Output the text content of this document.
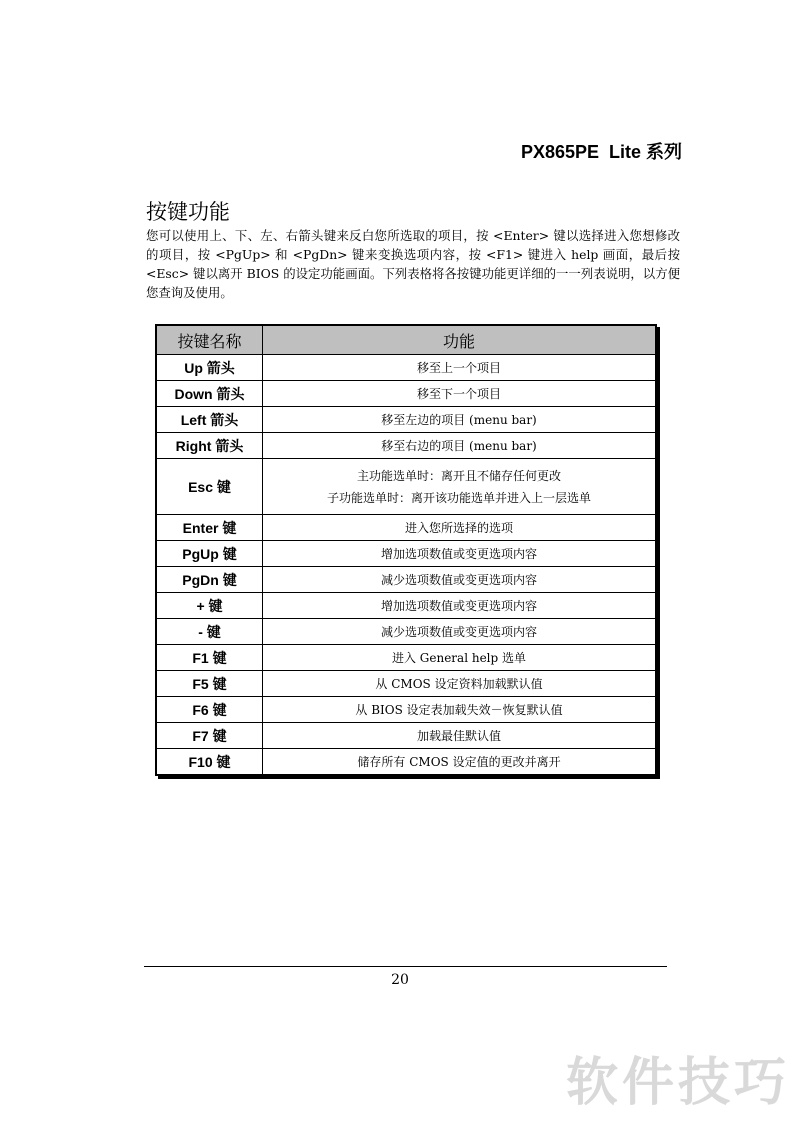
PX865PE  Lite 系列
按键功能

您可以使用上、下、左、右箭头键来反白您所选取的项目，按 <Enter> 键以选择进入您想修改的项目，按 <PgUp> 和 <PgDn> 键来变换选项内容，按 <F1> 键进入 help 画面，最后按 <Esc> 键以离开 BIOS 的设定功能画面。下列表格将各按键功能更详细的一一列表说明，以方便您查询及使用。

按键名称	功能
Up 箭头	移至上一个项目
Down 箭头	移至下一个项目
Left 箭头	移至左边的项目 (menu bar)
Right 箭头	移至右边的项目 (menu bar)
Esc 键	主功能选单时：离开且不储存任何更改
子功能选单时：离开该功能选单并进入上一层选单

Enter 键	进入您所选择的选项
PgUp 键	增加选项数值或变更选项内容
PgDn 键	减少选项数值或变更选项内容
+ 键	增加选项数值或变更选项内容
- 键	减少选项数值或变更选项内容
F1 键	进入 General help 选单
F5 键	从 CMOS 设定资料加载默认值
F6 键	从 BIOS 设定表加载失效－恢复默认值
F7 键	加载最佳默认值
F10 键	储存所有 CMOS 设定值的更改并离开
20
软件技巧
